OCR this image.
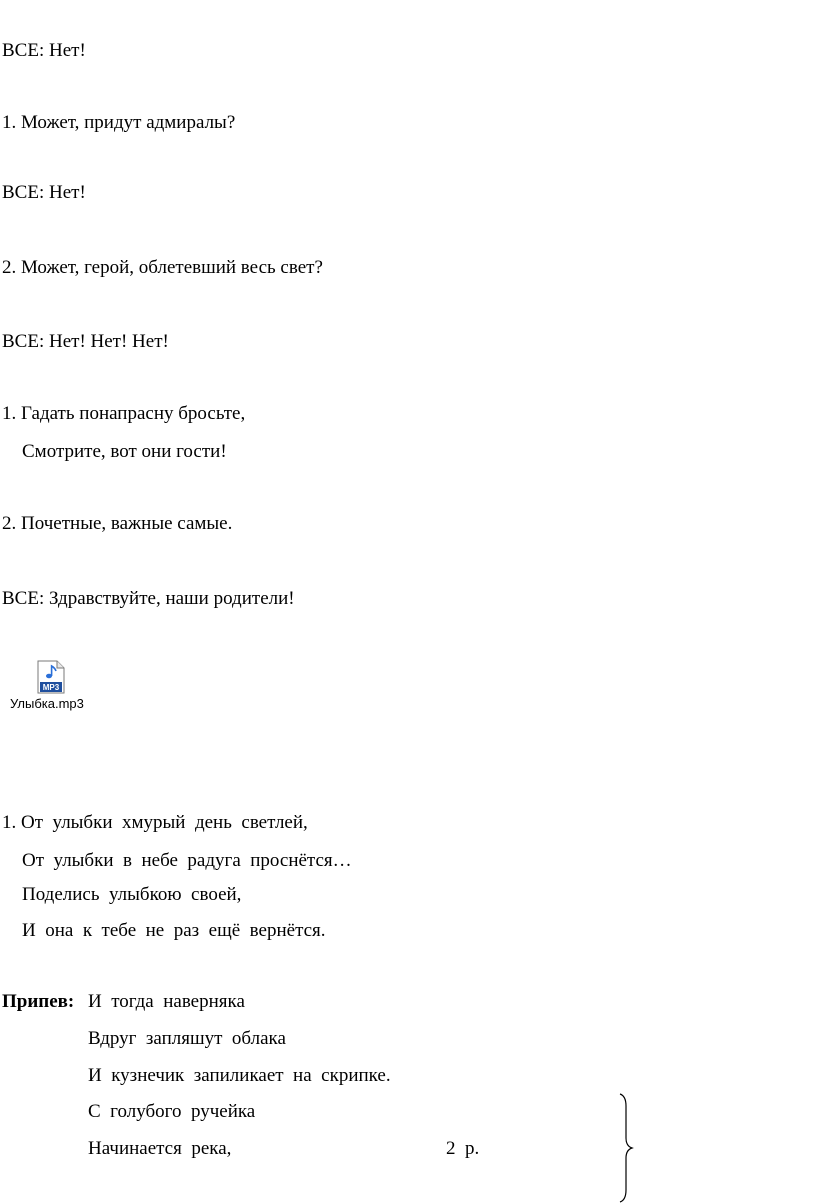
ВСЕ: Нет!
1. Может, придут адмиралы?
ВСЕ: Нет!
2. Может, герой, облетевший весь свет?
ВСЕ: Нет! Нет! Нет!
1. Гадать понапрасну бросьте,
Смотрите, вот они гости!
2. Почетные, важные самые.
ВСЕ: Здравствуйте, наши родители!
MP3
Улыбка.mp3
1. От  улыбки  хмурый  день  светлей,
От  улыбки  в  небе  радуга  проснётся…
Поделись  улыбкою  своей,
И  она  к  тебе  не  раз  ещё  вернётся.
Припев: И  тогда  наверняка
Вдруг  запляшут  облака
И  кузнечик  запиликает  на  скрипке.
С  голубого  ручейка
Начинается  река,	2  р.
